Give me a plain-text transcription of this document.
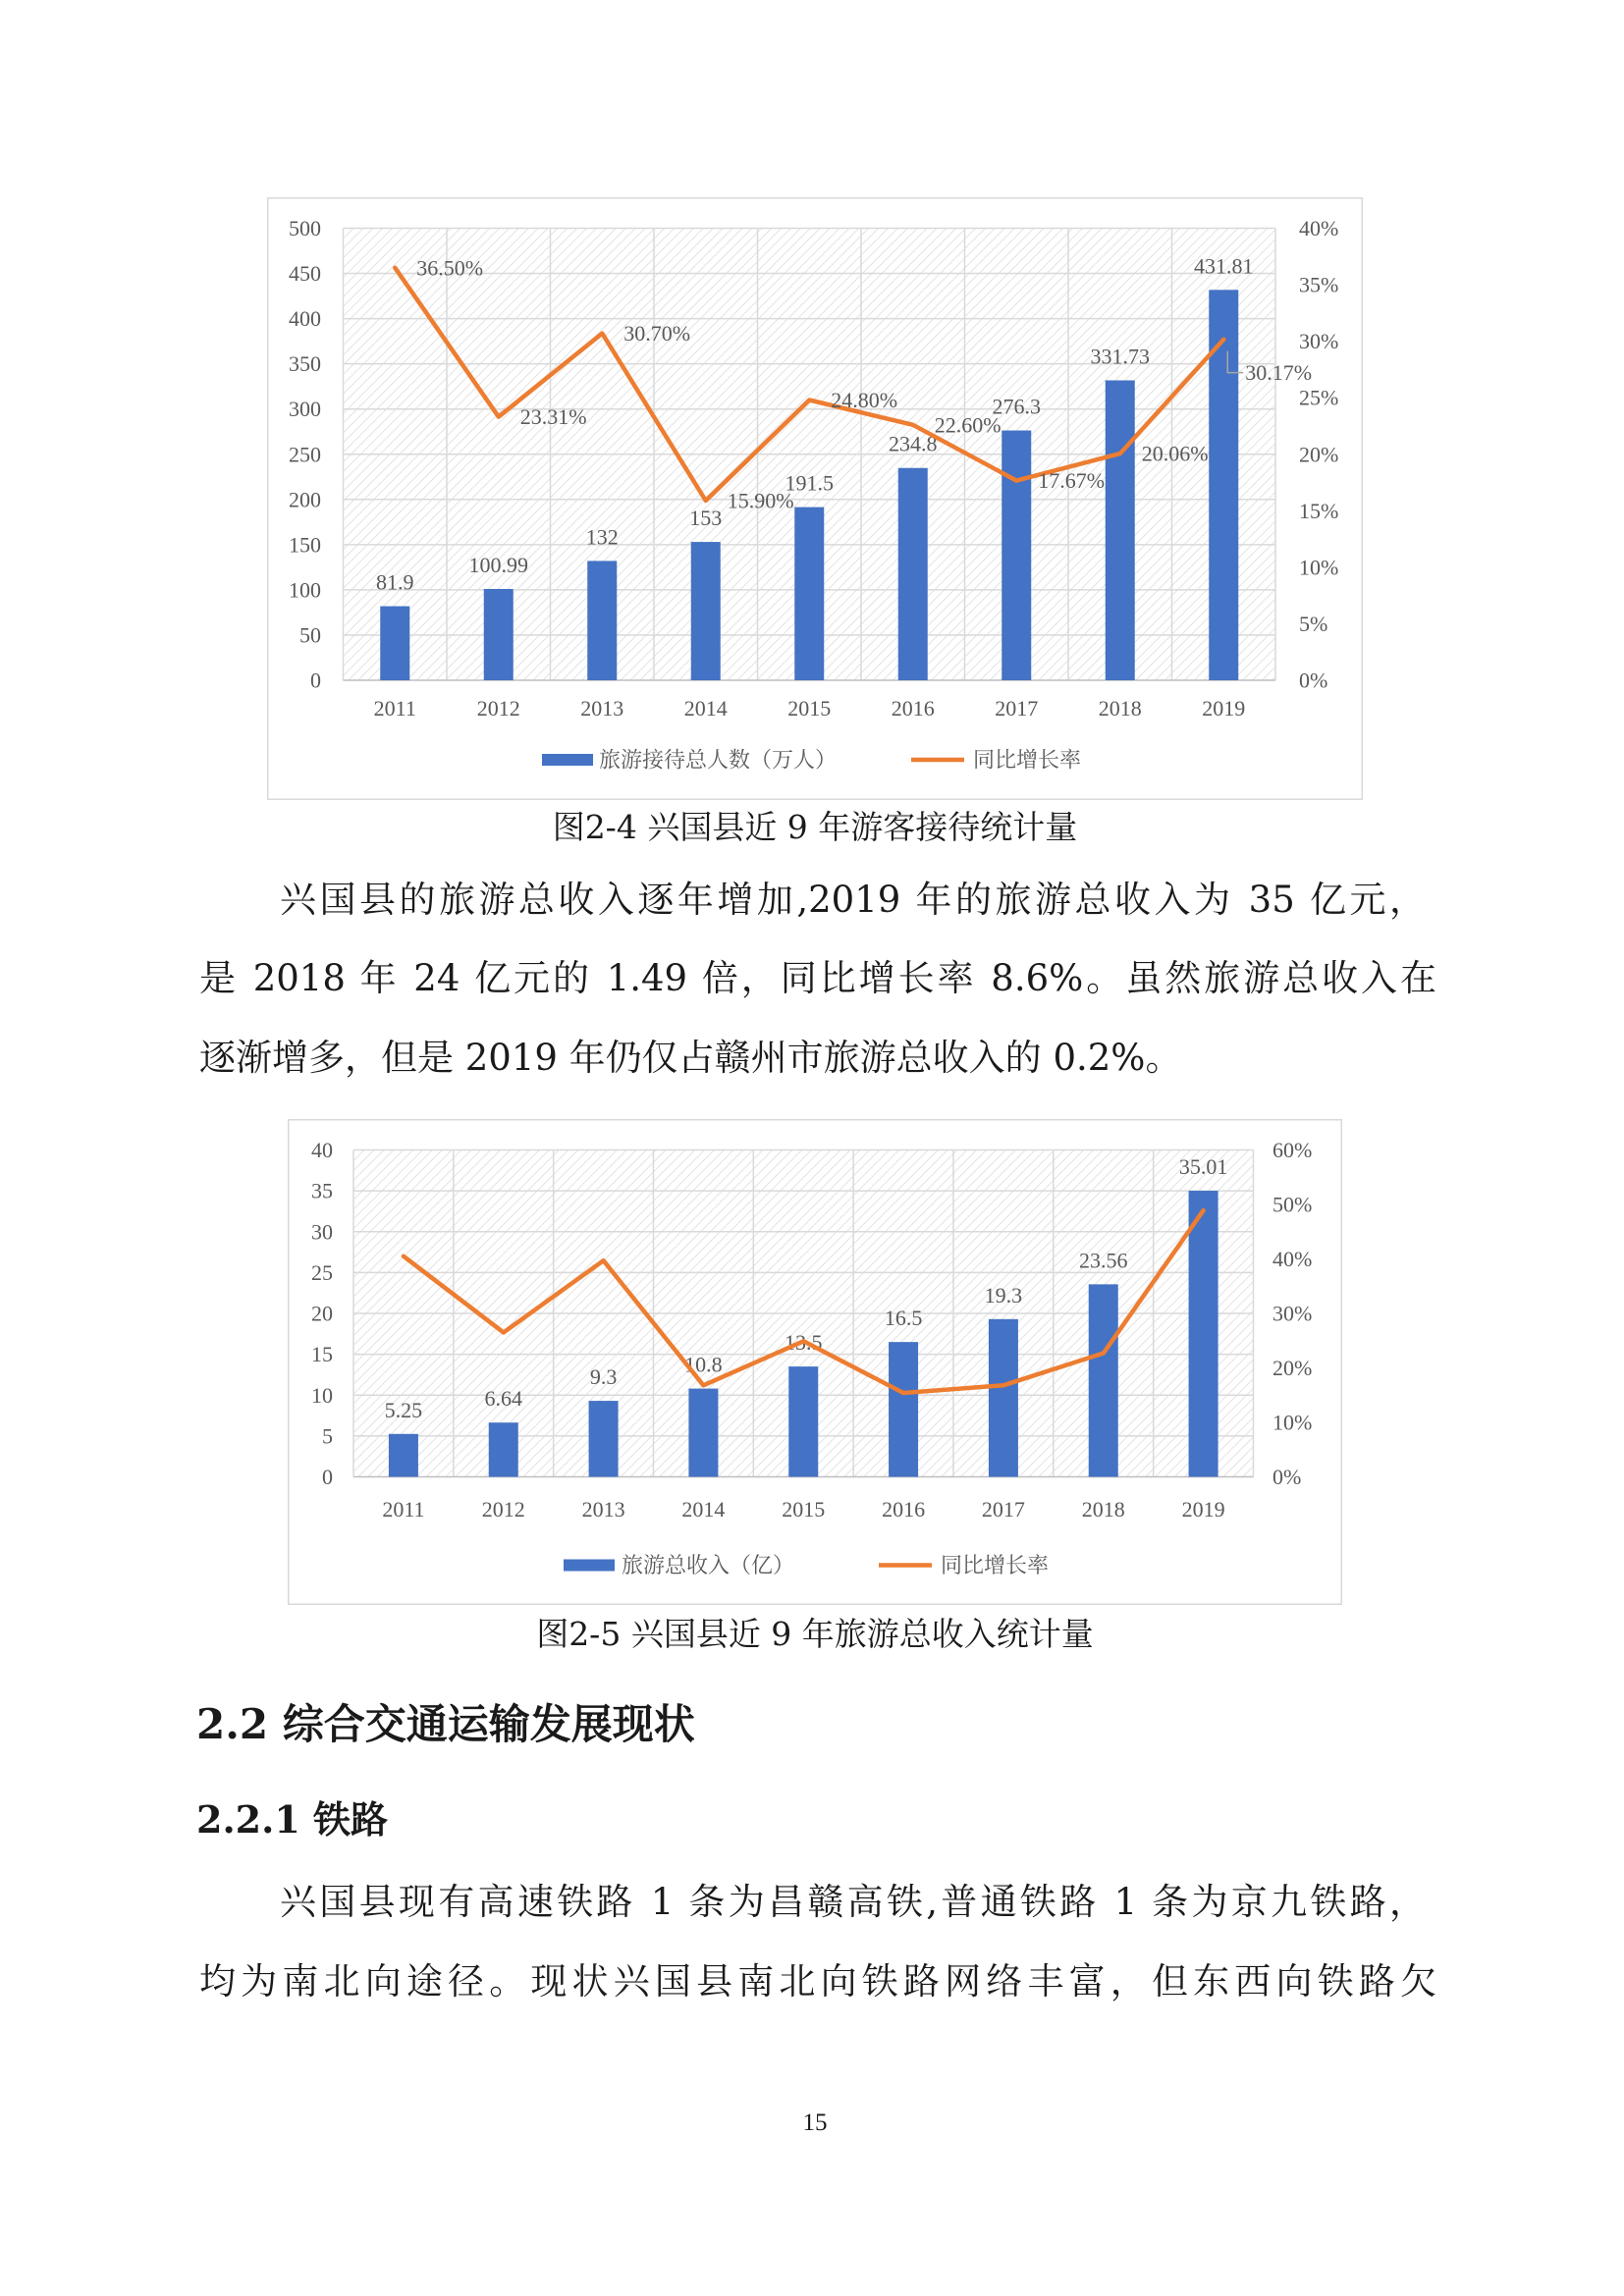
0
50
100
150
200
250
300
350
400
450
500
0%
5%
10%
15%
20%
25%
30%
35%
40%
2011	2012	2013	2014	2015	2016	2017	2018	2019
81.9
100.99
132
153
191.5
234.8
276.3
331.73
431.81
36.50%
23.31%
30.70%
15.90%
24.80%
22.60%
17.67%
20.06%
30.17%
旅游接待总人数（万人）	同比增长率
图2-4 兴国县近 9 年游客接待统计量
兴国县的旅游总收入逐年增加,2019 年的旅游总收入为 35 亿元，
是 2018 年 24 亿元的 1.49 倍，同比增长率 8.6%。虽然旅游总收入在
逐渐增多，但是 2019 年仍仅占赣州市旅游总收入的 0.2%。
0
5
10
15
20
25
30
35
40
0%
10%
20%
30%
40%
50%
60%
2011	2012	2013	2014	2015	2016	2017	2018	2019
5.25	6.64
9.3	10.8
13.5
16.5
19.3
23.56
35.01
旅游总收入（亿）	同比增长率
图2-5 兴国县近 9 年旅游总收入统计量
2.2 综合交通运输发展现状
2.2.1 铁路
兴国县现有高速铁路 1 条为昌赣高铁,普通铁路 1 条为京九铁路，
均为南北向途径。现状兴国县南北向铁路网络丰富，但东西向铁路欠
15
